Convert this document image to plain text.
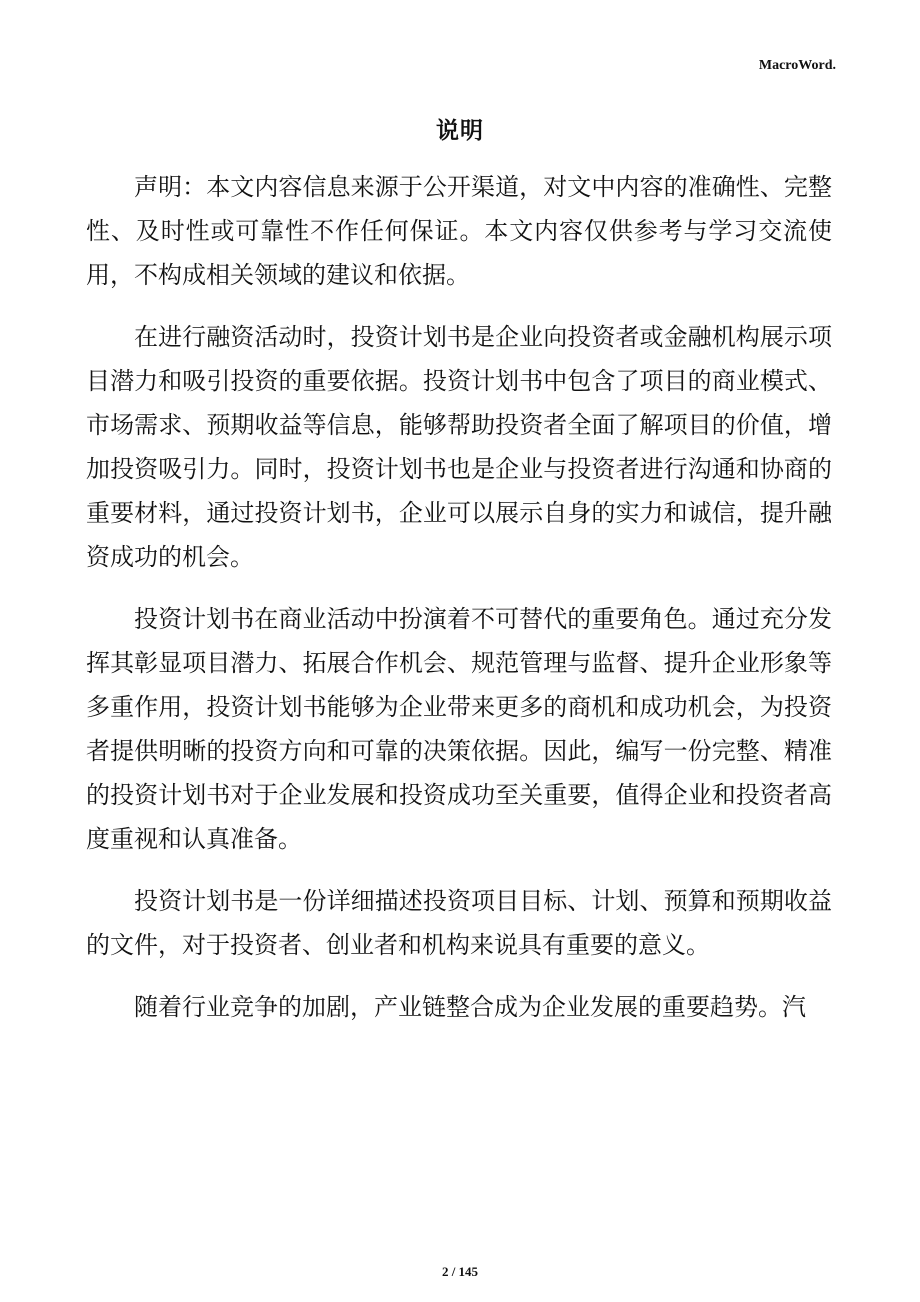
MacroWord.
说明

声明：本文内容信息来源于公开渠道，对文中内容的准确性、完整性、及时性或可靠性不作任何保证。本文内容仅供参考与学习交流使用，不构成相关领域的建议和依据。

在进行融资活动时，投资计划书是企业向投资者或金融机构展示项目潜力和吸引投资的重要依据。投资计划书中包含了项目的商业模式、市场需求、预期收益等信息，能够帮助投资者全面了解项目的价值，增加投资吸引力。同时，投资计划书也是企业与投资者进行沟通和协商的重要材料，通过投资计划书，企业可以展示自身的实力和诚信，提升融资成功的机会。

投资计划书在商业活动中扮演着不可替代的重要角色。通过充分发挥其彰显项目潜力、拓展合作机会、规范管理与监督、提升企业形象等多重作用，投资计划书能够为企业带来更多的商机和成功机会，为投资者提供明晰的投资方向和可靠的决策依据。因此，编写一份完整、精准的投资计划书对于企业发展和投资成功至关重要，值得企业和投资者高度重视和认真准备。

投资计划书是一份详细描述投资项目目标、计划、预算和预期收益的文件，对于投资者、创业者和机构来说具有重要的意义。

随着行业竞争的加剧，产业链整合成为企业发展的重要趋势。汽

2 / 145
